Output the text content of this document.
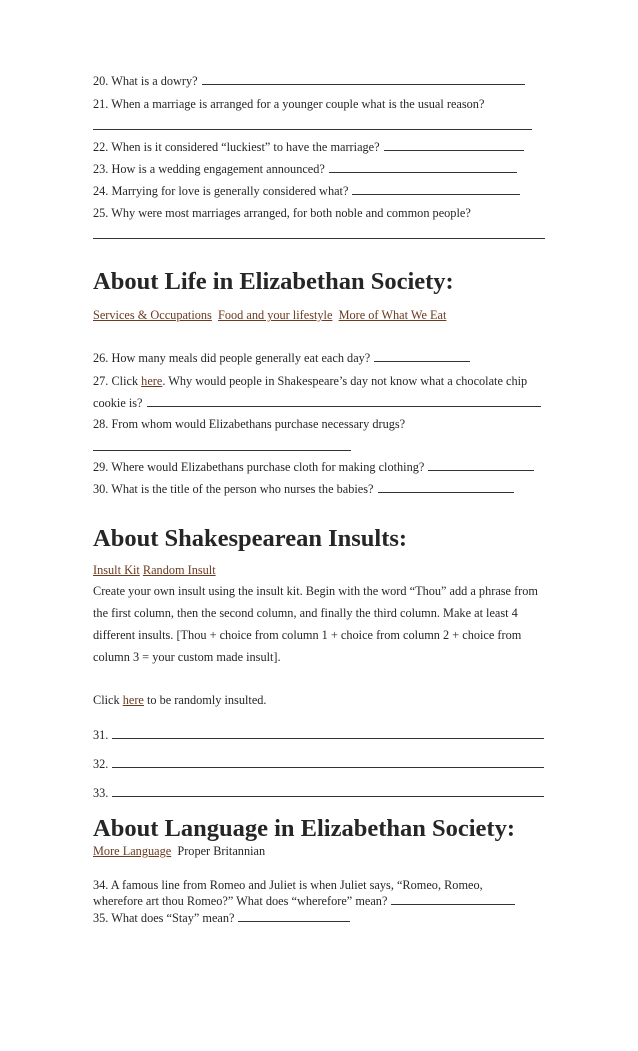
20. What is a dowry?
21. When a marriage is arranged for a younger couple what is the usual reason?
22. When is it considered “luckiest” to have the marriage?
23. How is a wedding engagement announced?
24. Marrying for love is generally considered what?
25. Why were most marriages arranged, for both noble and common people?
About Life in Elizabethan Society:
Services & Occupations Food and your lifestyle More of What We Eat
26. How many meals did people generally eat each day?
27. Click here. Why would people in Shakespeare’s day not know what a chocolate chip
cookie is?
28. From whom would Elizabethans purchase necessary drugs?
29. Where would Elizabethans purchase cloth for making clothing?
30. What is the title of the person who nurses the babies?
About Shakespearean Insults:
Insult Kit Random Insult
Create your own insult using the insult kit. Begin with the word “Thou” add a phrase from the first column, then the second column, and finally the third column. Make at least 4 different insults. [Thou + choice from column 1 + choice from column 2 + choice from column 3 = your custom made insult].
Click here to be randomly insulted.
31.
32.
33.
About Language in Elizabethan Society:
More Language Proper Britannian
34. A famous line from Romeo and Juliet is when Juliet says, “Romeo, Romeo,
wherefore art thou Romeo?” What does “wherefore” mean?
35. What does “Stay” mean?
